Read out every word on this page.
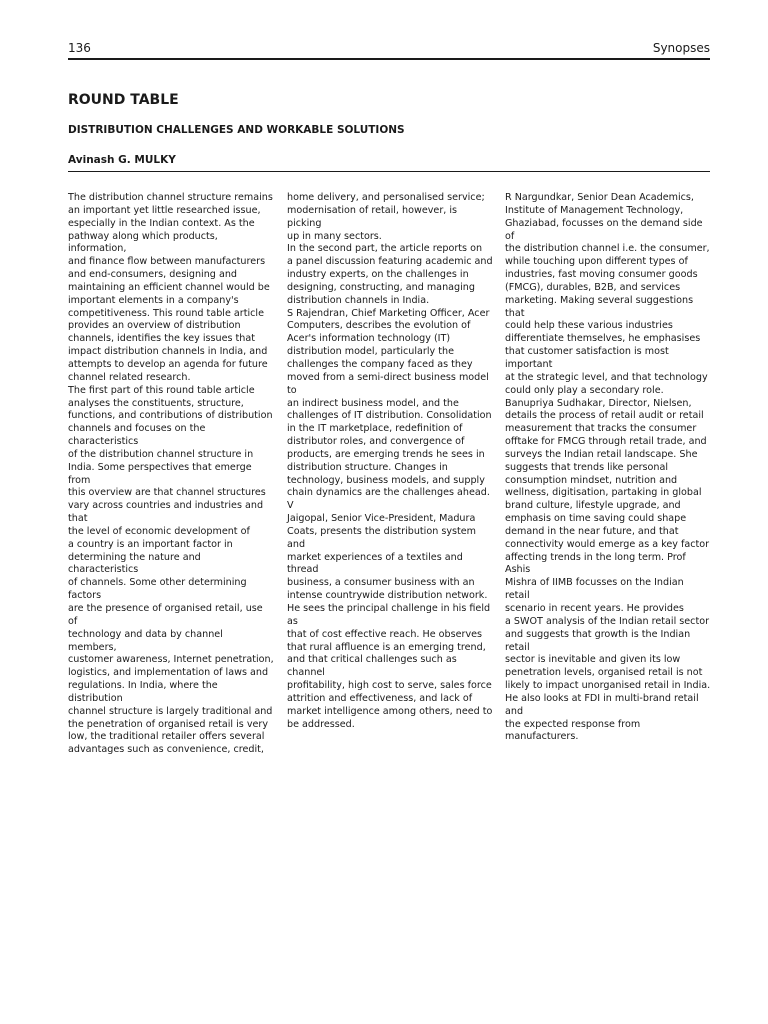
136	Synopses
ROUND TABLE
DISTRIBUTION CHALLENGES AND WORKABLE SOLUTIONS
Avinash G. MULKY

The distribution channel structure remains
an important yet little researched issue,
especially in the Indian context. As the
pathway along which products, information,
and finance flow between manufacturers
and end-consumers, designing and
maintaining an efficient channel would be
important elements in a company's
competitiveness. This round table article
provides an overview of distribution
channels, identifies the key issues that
impact distribution channels in India, and
attempts to develop an agenda for future
channel related research.
The first part of this round table article
analyses the constituents, structure,
functions, and contributions of distribution
channels and focuses on the characteristics
of the distribution channel structure in
India. Some perspectives that emerge from
this overview are that channel structures
vary across countries and industries and that
the level of economic development of
a country is an important factor in
determining the nature and characteristics
of channels. Some other determining factors
are the presence of organised retail, use of
technology and data by channel members,
customer awareness, Internet penetration,
logistics, and implementation of laws and
regulations. In India, where the distribution
channel structure is largely traditional and
the penetration of organised retail is very
low, the traditional retailer offers several
advantages such as convenience, credit,

home delivery, and personalised service;
modernisation of retail, however, is picking
up in many sectors.
In the second part, the article reports on
a panel discussion featuring academic and
industry experts, on the challenges in
designing, constructing, and managing
distribution channels in India.
S Rajendran, Chief Marketing Officer, Acer
Computers, describes the evolution of
Acer's information technology (IT)
distribution model, particularly the
challenges the company faced as they
moved from a semi-direct business model to
an indirect business model, and the
challenges of IT distribution. Consolidation
in the IT marketplace, redefinition of
distributor roles, and convergence of
products, are emerging trends he sees in
distribution structure. Changes in
technology, business models, and supply
chain dynamics are the challenges ahead. V
Jaigopal, Senior Vice-President, Madura
Coats, presents the distribution system and
market experiences of a textiles and thread
business, a consumer business with an
intense countrywide distribution network.
He sees the principal challenge in his field as
that of cost effective reach. He observes
that rural affluence is an emerging trend,
and that critical challenges such as channel
profitability, high cost to serve, sales force
attrition and effectiveness, and lack of
market intelligence among others, need to
be addressed.

R Nargundkar, Senior Dean Academics,
Institute of Management Technology,
Ghaziabad, focusses on the demand side of
the distribution channel i.e. the consumer,
while touching upon different types of
industries, fast moving consumer goods
(FMCG), durables, B2B, and services
marketing. Making several suggestions that
could help these various industries
differentiate themselves, he emphasises
that customer satisfaction is most important
at the strategic level, and that technology
could only play a secondary role.
Banupriya Sudhakar, Director, Nielsen,
details the process of retail audit or retail
measurement that tracks the consumer
offtake for FMCG through retail trade, and
surveys the Indian retail landscape. She
suggests that trends like personal
consumption mindset, nutrition and
wellness, digitisation, partaking in global
brand culture, lifestyle upgrade, and
emphasis on time saving could shape
demand in the near future, and that
connectivity would emerge as a key factor
affecting trends in the long term. Prof Ashis
Mishra of IIMB focusses on the Indian retail
scenario in recent years. He provides
a SWOT analysis of the Indian retail sector
and suggests that growth is the Indian retail
sector is inevitable and given its low
penetration levels, organised retail is not
likely to impact unorganised retail in India.
He also looks at FDI in multi-brand retail and
the expected response from manufacturers.
